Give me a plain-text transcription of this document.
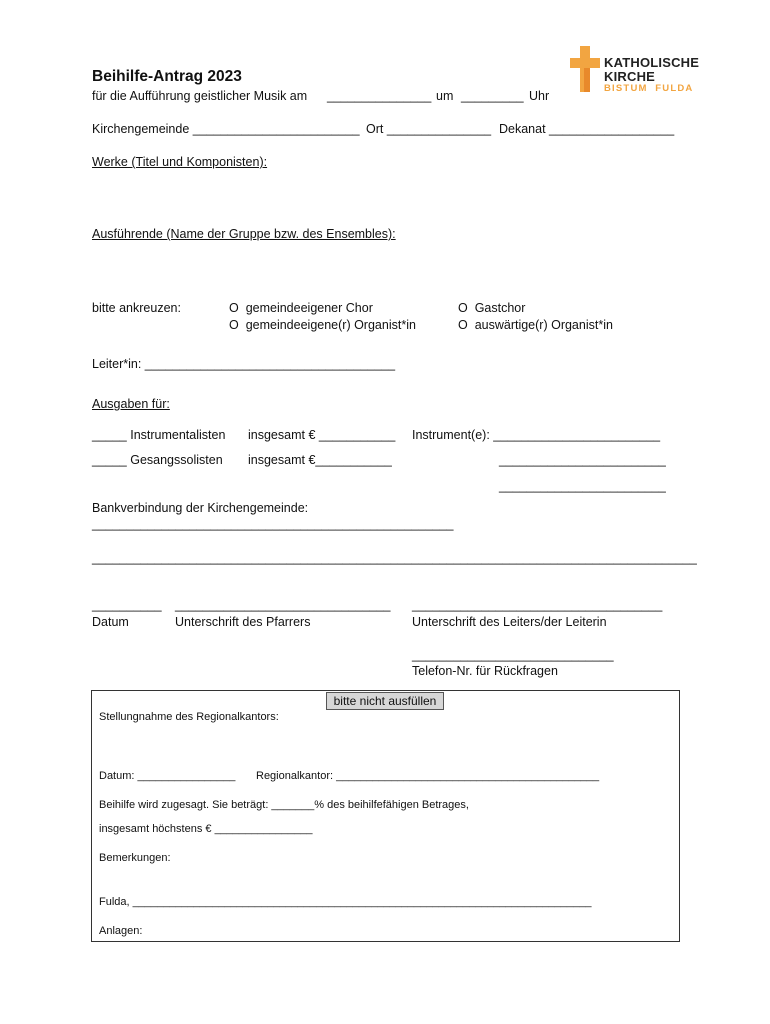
KATHOLISCHE
KIRCHE
BISTUM  FULDA
Beihilfe-Antrag 2023
für die Aufführung geistlicher Musik am _______________ um _________ Uhr
Kirchengemeinde ________________________ Ort _______________ Dekanat __________________
Werke (Titel und Komponisten):
Ausführende (Name der Gruppe bzw. des Ensembles):
bitte ankreuzen:	O gemeindeeigener Chor
O gemeindeeigene(r) Organist*in
O Gastchor
O auswärtige(r) Organist*in
Leiter*in: ____________________________________
Ausgaben für:
_____ Instrumentalisten insgesamt € ___________ Instrument(e): ________________________
_____ Gesangssolisten insgesamt €___________	________________________
________________________
Bankverbindung der Kirchengemeinde:
____________________________________________________
_______________________________________________________________________________________
__________
Datum
_______________________________
Unterschrift des Pfarrers
____________________________________
Unterschrift des Leiters/der Leiterin
_____________________________
Telefon-Nr. für Rückfragen
bitte nicht ausfüllen
Stellungnahme des Regionalkantors:
Datum: ________________ Regionalkantor: ___________________________________________
Beihilfe wird zugesagt. Sie beträgt: _______% des beihilfefähigen Betrages,
insgesamt höchstens € ________________
Bemerkungen:
Fulda, ___________________________________________________________________________
Anlagen:
